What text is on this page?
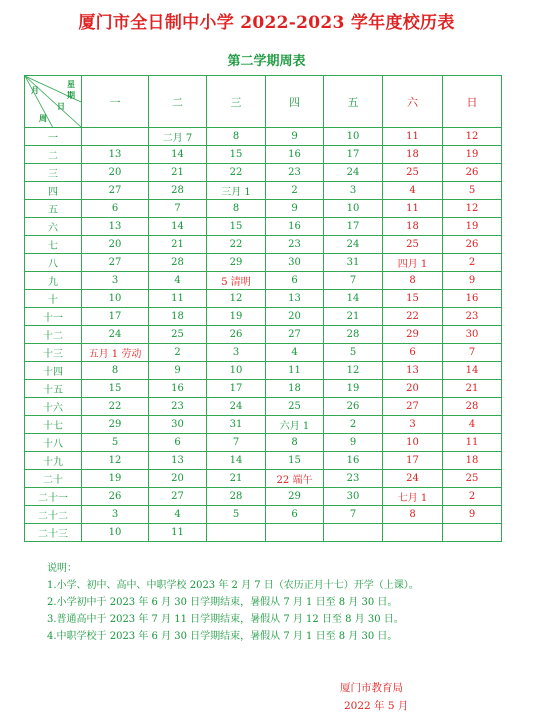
厦门市全日制中小学 2022-2023 学年度校历表
第二学期周表
月
星
期
日
周	一	二	三	四	五	六	日
一		二月 7	8	9	10	11	12
二	13	14	15	16	17	18	19
三	20	21	22	23	24	25	26
四	27	28	三月 1	2	3	4	5
五	6	7	8	9	10	11	12
六	13	14	15	16	17	18	19
七	20	21	22	23	24	25	26
八	27	28	29	30	31	四月 1	2
九	3	4	5 清明	6	7	8	9
十	10	11	12	13	14	15	16
十一	17	18	19	20	21	22	23
十二	24	25	26	27	28	29	30
十三	五月 1 劳动	2	3	4	5	6	7
十四	8	9	10	11	12	13	14
十五	15	16	17	18	19	20	21
十六	22	23	24	25	26	27	28
十七	29	30	31	六月 1	2	3	4
十八	5	6	7	8	9	10	11
十九	12	13	14	15	16	17	18
二十	19	20	21	22 端午	23	24	25
二十一	26	27	28	29	30	七月 1	2
二十二	3	4	5	6	7	8	9
二十三	10	11					
说明：
1.小学、初中、高中、中职学校 2023 年 2 月 7 日（农历正月十七）开学（上课）。
2.小学初中于 2023 年 6 月 30 日学期结束，暑假从 7 月 1 日至 8 月 30 日。
3.普通高中于 2023 年 7 月 11 日学期结束，暑假从 7 月 12 日至 8 月 30 日。
4.中职学校于 2023 年 6 月 30 日学期结束，暑假从 7 月 1 日至 8 月 30 日。
厦门市教育局
2022 年 5 月
